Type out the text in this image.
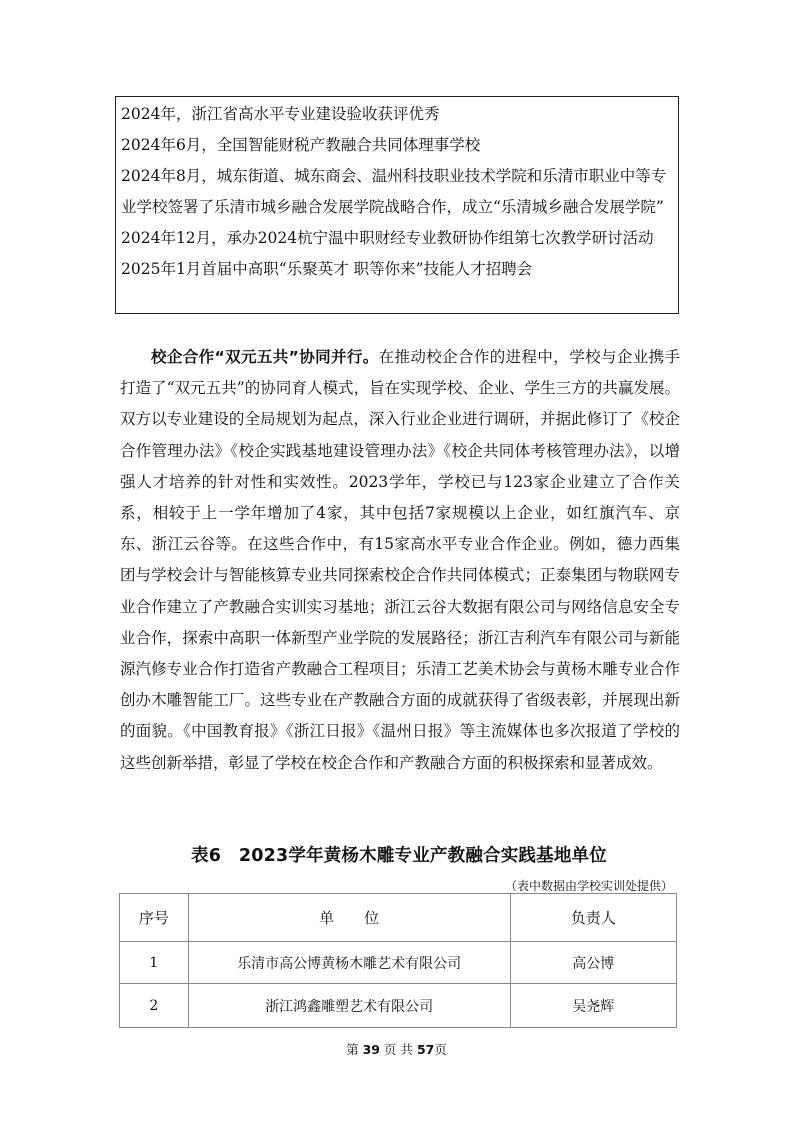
2024年，浙江省高水平专业建设验收获评优秀
2024年6月，全国智能财税产教融合共同体理事学校
2024年8月，城东街道、城东商会、温州科技职业技术学院和乐清市职业中等专业学校签署了乐清市城乡融合发展学院战略合作，成立“乐清城乡融合发展学院”
2024年12月，承办2024杭宁温中职财经专业教研协作组第七次教学研讨活动
2025年1月首届中高职“乐聚英才 职等你来”技能人才招聘会
校企合作“双元五共”协同并行。在推动校企合作的进程中，学校与企业携手打造了“双元五共”的协同育人模式，旨在实现学校、企业、学生三方的共赢发展。双方以专业建设的全局规划为起点，深入行业企业进行调研，并据此修订了《校企合作管理办法》《校企实践基地建设管理办法》《校企共同体考核管理办法》，以增强人才培养的针对性和实效性。2023学年，学校已与123家企业建立了合作关系，相较于上一学年增加了4家，其中包括7家规模以上企业，如红旗汽车、京东、浙江云谷等。在这些合作中，有15家高水平专业合作企业。例如，德力西集团与学校会计与智能核算专业共同探索校企合作共同体模式；正泰集团与物联网专业合作建立了产教融合实训实习基地；浙江云谷大数据有限公司与网络信息安全专业合作，探索中高职一体新型产业学院的发展路径；浙江吉利汽车有限公司与新能源汽修专业合作打造省产教融合工程项目；乐清工艺美术协会与黄杨木雕专业合作创办木雕智能工厂。这些专业在产教融合方面的成就获得了省级表彰，并展现出新的面貌。《中国教育报》《浙江日报》《温州日报》等主流媒体也多次报道了学校的这些创新举措，彰显了学校在校企合作和产教融合方面的积极探索和显著成效。
表6　2023学年黄杨木雕专业产教融合实践基地单位
（表中数据由学校实训处提供）
序号	单　　位	负责人
1	乐清市高公博黄杨木雕艺术有限公司	高公博
2	浙江鸿鑫雕塑艺术有限公司	吴尧辉
第 39 页 共 57页
